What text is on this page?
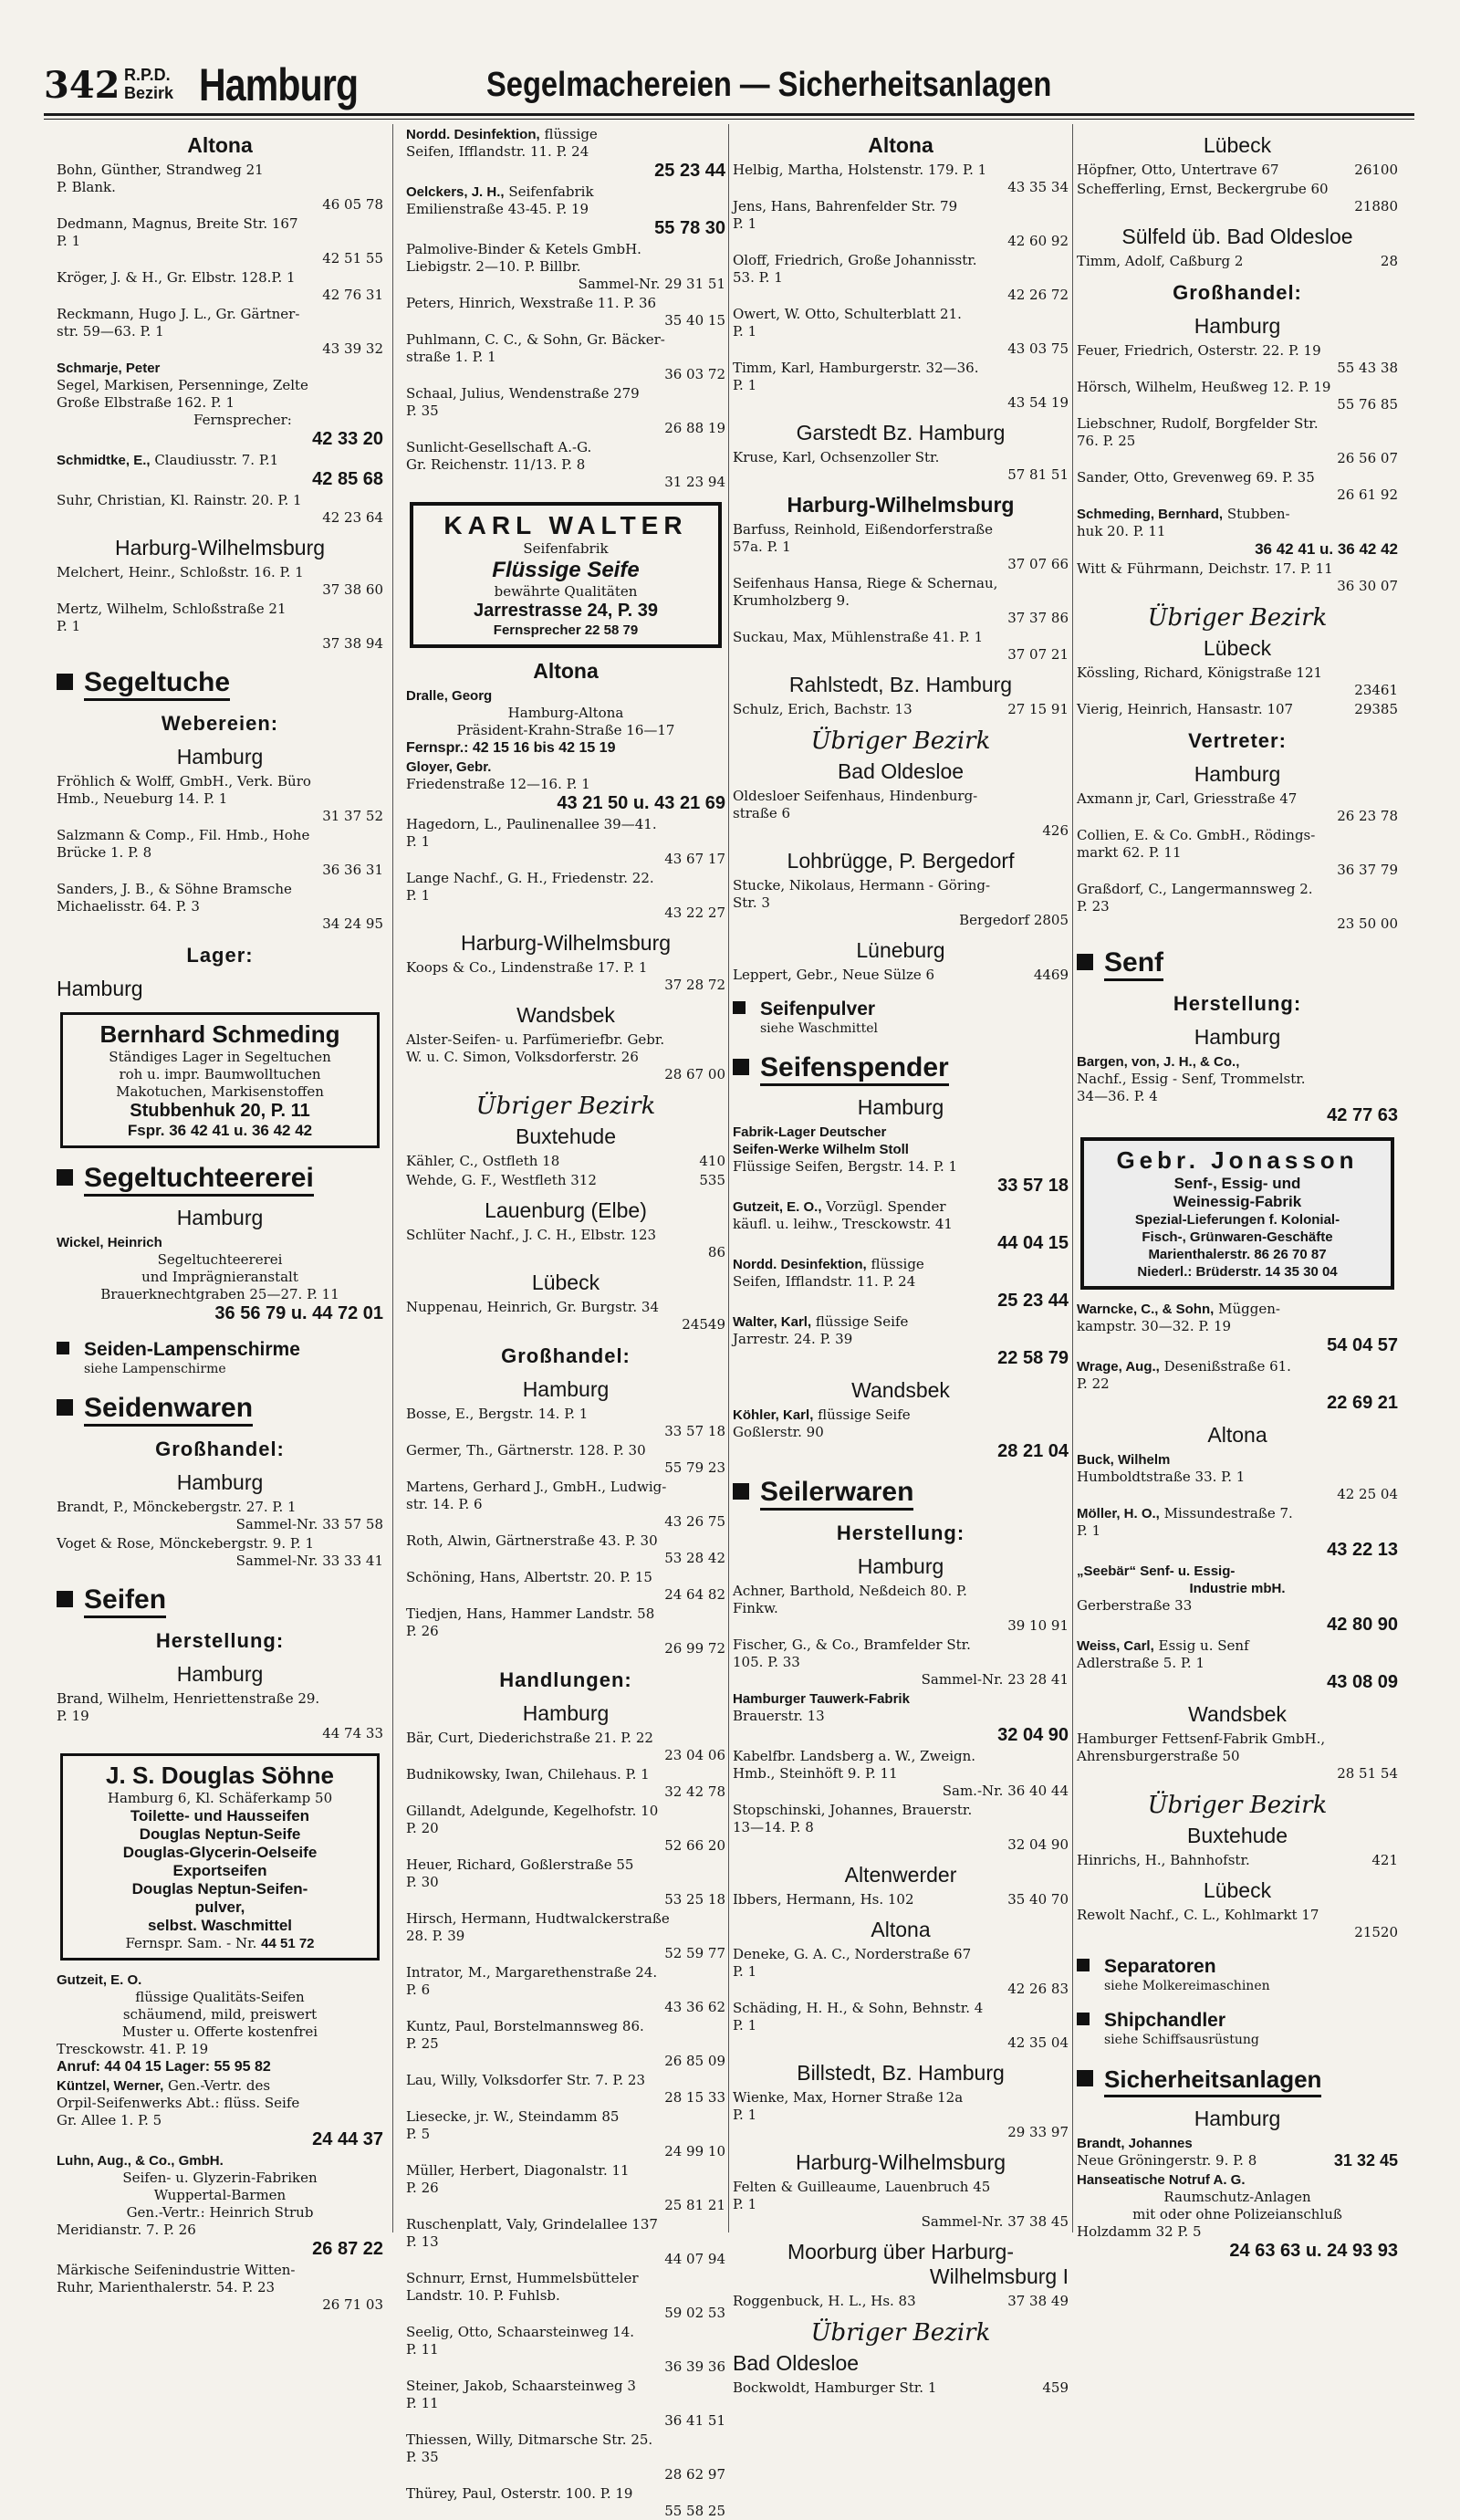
342 R.P.D.
Bezirk Hamburg	Segelmachereien — Sicherheitsanlagen
Altona
Bohn, Günther, Strandweg 21
P. Blank.
46 05 78
Dedmann, Magnus, Breite Str. 167
P. 1
42 51 55
Kröger, J. & H., Gr. Elbstr. 128.P. 1
42 76 31
Reckmann, Hugo J. L., Gr. Gärtner-
str. 59—63. P. 1
43 39 32
Schmarje, Peter
Segel, Markisen, Persenninge, Zelte
Große Elbstraße 162. P. 1
Fernsprecher:
42 33 20
Schmidtke, E., Claudiusstr. 7. P.1
42 85 68
Suhr, Christian, Kl. Rainstr. 20. P. 1
42 23 64
Harburg-Wilhelmsburg
Melchert, Heinr., Schloßstr. 16. P. 1
37 38 60
Mertz, Wilhelm, Schloßstraße 21
P. 1
37 38 94
Segeltuche
Webereien:
Hamburg
Fröhlich & Wolff, GmbH., Verk. Büro
Hmb., Neueburg 14. P. 1
31 37 52
Salzmann & Comp., Fil. Hmb., Hohe
Brücke 1. P. 8
36 36 31
Sanders, J. B., & Söhne Bramsche
Michaelisstr. 64. P. 3
34 24 95
Lager:
Hamburg
Bernhard Schmeding
Ständiges Lager in Segeltuchen
roh u. impr. Baumwolltuchen
Makotuchen, Markisenstoffen
Stubbenhuk 20, P. 11
Fspr. 36 42 41 u. 36 42 42
Segeltuchteererei
Hamburg
Wickel, Heinrich
Segeltuchteererei
und Imprägnieranstalt
Brauerknechtgraben 25—27. P. 11
36 56 79 u. 44 72 01
Seiden-Lampenschirme
siehe Lampenschirme
Seidenwaren
Großhandel:
Hamburg
Brandt, P., Mönckebergstr. 27. P. 1
Sammel-Nr. 33 57 58
Voget & Rose, Mönckebergstr. 9. P. 1
Sammel-Nr. 33 33 41
Seifen
Herstellung:
Hamburg
Brand, Wilhelm, Henriettenstraße 29.
P. 19
44 74 33
J. S. Douglas Söhne
Hamburg 6, Kl. Schäferkamp 50
Toilette- und Hausseifen
Douglas Neptun-Seife
Douglas-Glycerin-Oelseife
Exportseifen
Douglas Neptun-Seifen-
pulver,
selbst. Waschmittel
Fernspr. Sam. - Nr. 44 51 72
Gutzeit, E. O.
flüssige Qualitäts-Seifen
schäumend, mild, preiswert
Muster u. Offerte kostenfrei
Tresckowstr. 41. P. 19
Anruf: 44 04 15 Lager: 55 95 82
Küntzel, Werner, Gen.-Vertr. des
Orpil-Seifenwerks Abt.: flüss. Seife
Gr. Allee 1. P. 5
24 44 37
Luhn, Aug., & Co., GmbH.
Seifen- u. Glyzerin-Fabriken
Wuppertal-Barmen
Gen.-Vertr.: Heinrich Strub
Meridianstr. 7. P. 26
26 87 22
Märkische Seifenindustrie Witten-
Ruhr, Marienthalerstr. 54. P. 23
26 71 03
Nordd. Desinfektion, flüssige
Seifen, Ifflandstr. 11. P. 24
25 23 44
Oelckers, J. H., Seifenfabrik
Emilienstraße 43-45. P. 19
55 78 30
Palmolive-Binder & Ketels GmbH.
Liebigstr. 2—10. P. Billbr.
Sammel-Nr. 29 31 51
Peters, Hinrich, Wexstraße 11. P. 36
35 40 15
Puhlmann, C. C., & Sohn, Gr. Bäcker-
straße 1. P. 1
36 03 72
Schaal, Julius, Wendenstraße 279
P. 35
26 88 19
Sunlicht-Gesellschaft A.-G.
Gr. Reichenstr. 11/13. P. 8
31 23 94
KARL WALTER
Seifenfabrik
Flüssige Seife
bewährte Qualitäten
Jarrestrasse 24, P. 39
Fernsprecher 22 58 79
Altona
Dralle, Georg
Hamburg-Altona
Präsident-Krahn-Straße 16—17
Fernspr.: 42 15 16 bis 42 15 19
Gloyer, Gebr.
Friedenstraße 12—16. P. 1
43 21 50 u. 43 21 69
Hagedorn, L., Paulinenallee 39—41.
P. 1
43 67 17
Lange Nachf., G. H., Friedenstr. 22.
P. 1
43 22 27
Harburg-Wilhelmsburg
Koops & Co., Lindenstraße 17. P. 1
37 28 72
Wandsbek
Alster-Seifen- u. Parfümeriefbr. Gebr.
W. u. C. Simon, Volksdorferstr. 26
28 67 00
Übriger Bezirk
Buxtehude
Kähler, C., Ostfleth 18	410
Wehde, G. F., Westfleth 312	535
Lauenburg (Elbe)
Schlüter Nachf., J. C. H., Elbstr. 123
86
Lübeck
Nuppenau, Heinrich, Gr. Burgstr. 34
24549
Großhandel:
Hamburg
Bosse, E., Bergstr. 14. P. 1
33 57 18
Germer, Th., Gärtnerstr. 128. P. 30
55 79 23
Martens, Gerhard J., GmbH., Ludwig-
str. 14. P. 6
43 26 75
Roth, Alwin, Gärtnerstraße 43. P. 30
53 28 42
Schöning, Hans, Albertstr. 20. P. 15
24 64 82
Tiedjen, Hans, Hammer Landstr. 58
P. 26
26 99 72
Handlungen:
Hamburg
Bär, Curt, Diederichstraße 21. P. 22
23 04 06
Budnikowsky, Iwan, Chilehaus. P. 1
32 42 78
Gillandt, Adelgunde, Kegelhofstr. 10
P. 20
52 66 20
Heuer, Richard, Goßlerstraße 55
P. 30
53 25 18
Hirsch, Hermann, Hudtwalckerstraße
28. P. 39
52 59 77
Intrator, M., Margarethenstraße 24.
P. 6
43 36 62
Kuntz, Paul, Borstelmannsweg 86.
P. 25
26 85 09
Lau, Willy, Volksdorfer Str. 7. P. 23
28 15 33
Liesecke, jr. W., Steindamm 85
P. 5
24 99 10
Müller, Herbert, Diagonalstr. 11
P. 26
25 81 21
Ruschenplatt, Valy, Grindelallee 137
P. 13
44 07 94
Schnurr, Ernst, Hummelsbütteler
Landstr. 10. P. Fuhlsb.
59 02 53
Seelig, Otto, Schaarsteinweg 14.
P. 11
36 39 36
Steiner, Jakob, Schaarsteinweg 3
P. 11
36 41 51
Thiessen, Willy, Ditmarsche Str. 25.
P. 35
28 62 97
Thürey, Paul, Osterstr. 100. P. 19
55 58 25
Altona
Helbig, Martha, Holstenstr. 179. P. 1
43 35 34
Jens, Hans, Bahrenfelder Str. 79
P. 1
42 60 92
Oloff, Friedrich, Große Johannisstr.
53. P. 1
42 26 72
Owert, W. Otto, Schulterblatt 21.
P. 1
43 03 75
Timm, Karl, Hamburgerstr. 32—36.
P. 1
43 54 19
Garstedt Bz. Hamburg
Kruse, Karl, Ochsenzoller Str.
57 81 51
Harburg-Wilhelmsburg
Barfuss, Reinhold, Eißendorferstraße
57a. P. 1
37 07 66
Seifenhaus Hansa, Riege & Schernau,
Krumholzberg 9.
37 37 86
Suckau, Max, Mühlenstraße 41. P. 1
37 07 21
Rahlstedt, Bz. Hamburg
Schulz, Erich, Bachstr. 13	27 15 91
Übriger Bezirk
Bad Oldesloe
Oldesloer Seifenhaus, Hindenburg-
straße 6
426
Lohbrügge, P. Bergedorf
Stucke, Nikolaus, Hermann - Göring-
Str. 3
Bergedorf 2805
Lüneburg
Leppert, Gebr., Neue Sülze 6	4469
Seifenpulver
siehe Waschmittel
Seifenspender
Hamburg
Fabrik-Lager Deutscher
Seifen-Werke Wilhelm Stoll
Flüssige Seifen, Bergstr. 14. P. 1
33 57 18
Gutzeit, E. O., Vorzügl. Spender
käufl. u. leihw., Tresckowstr. 41
44 04 15
Nordd. Desinfektion, flüssige
Seifen, Ifflandstr. 11. P. 24
25 23 44
Walter, Karl, flüssige Seife
Jarrestr. 24. P. 39
22 58 79
Wandsbek
Köhler, Karl, flüssige Seife
Goßlerstr. 90
28 21 04
Seilerwaren
Herstellung:
Hamburg
Achner, Barthold, Neßdeich 80. P.
Finkw.
39 10 91
Fischer, G., & Co., Bramfelder Str.
105. P. 33
Sammel-Nr. 23 28 41
Hamburger Tauwerk-Fabrik
Brauerstr. 13
32 04 90
Kabelfbr. Landsberg a. W., Zweign.
Hmb., Steinhöft 9. P. 11
Sam.-Nr. 36 40 44
Stopschinski, Johannes, Brauerstr.
13—14. P. 8
32 04 90
Altenwerder
Ibbers, Hermann, Hs. 102	35 40 70
Altona
Deneke, G. A. C., Norderstraße 67
P. 1
42 26 83
Schäding, H. H., & Sohn, Behnstr. 4
P. 1
42 35 04
Billstedt, Bz. Hamburg
Wienke, Max, Horner Straße 12a
P. 1
29 33 97
Harburg-Wilhelmsburg
Felten & Guilleaume, Lauenbruch 45
P. 1
Sammel-Nr. 37 38 45
Moorburg über Harburg-
Wilhelmsburg I
Roggenbuck, H. L., Hs. 83	37 38 49
Übriger Bezirk
Bad Oldesloe
Bockwoldt, Hamburger Str. 1	459
Lübeck
Höpfner, Otto, Untertrave 67	26100
Schefferling, Ernst, Beckergrube 60
21880
Sülfeld üb. Bad Oldesloe
Timm, Adolf, Caßburg 2	28
Großhandel:
Hamburg
Feuer, Friedrich, Osterstr. 22. P. 19
55 43 38
Hörsch, Wilhelm, Heußweg 12. P. 19
55 76 85
Liebschner, Rudolf, Borgfelder Str.
76. P. 25
26 56 07
Sander, Otto, Grevenweg 69. P. 35
26 61 92
Schmeding, Bernhard, Stubben-
huk 20. P. 11
36 42 41 u. 36 42 42
Witt & Führmann, Deichstr. 17. P. 11
36 30 07
Übriger Bezirk
Lübeck
Kössling, Richard, Königstraße 121
23461
Vierig, Heinrich, Hansastr. 107	29385
Vertreter:
Hamburg
Axmann jr, Carl, Griesstraße 47
26 23 78
Collien, E. & Co. GmbH., Rödings-
markt 62. P. 11
36 37 79
Graßdorf, C., Langermannsweg 2.
P. 23
23 50 00
Senf
Herstellung:
Hamburg
Bargen, von, J. H., & Co.,
Nachf., Essig - Senf, Trommelstr.
34—36. P. 4
42 77 63
Gebr. Jonasson
Senf-, Essig- und
Weinessig-Fabrik
Spezial-Lieferungen f. Kolonial-
Fisch-, Grünwaren-Geschäfte
Marienthalerstr. 86 26 70 87
Niederl.: Brüderstr. 14 35 30 04
Warncke, C., & Sohn, Müggen-
kampstr. 30—32. P. 19
54 04 57
Wrage, Aug., Desenißstraße 61.
P. 22
22 69 21
Altona
Buck, Wilhelm
Humboldtstraße 33. P. 1
42 25 04
Möller, H. O., Missundestraße 7.
P. 1
43 22 13
„Seebär“ Senf- u. Essig-
Industrie mbH.
Gerberstraße 33
42 80 90
Weiss, Carl, Essig u. Senf
Adlerstraße 5. P. 1
43 08 09
Wandsbek
Hamburger Fettsenf-Fabrik GmbH.,
Ahrensburgerstraße 50
28 51 54
Übriger Bezirk
Buxtehude
Hinrichs, H., Bahnhofstr.	421
Lübeck
Rewolt Nachf., C. L., Kohlmarkt 17
21520
Separatoren
siehe Molkereimaschinen
Shipchandler
siehe Schiffsausrüstung
Sicherheitsanlagen
Hamburg
Brandt, Johannes
Neue Gröningerstr. 9. P. 8	31 32 45
Hanseatische Notruf A. G.
Raumschutz-Anlagen
mit oder ohne Polizeianschluß
Holzdamm 32 P. 5
24 63 63 u. 24 93 93
